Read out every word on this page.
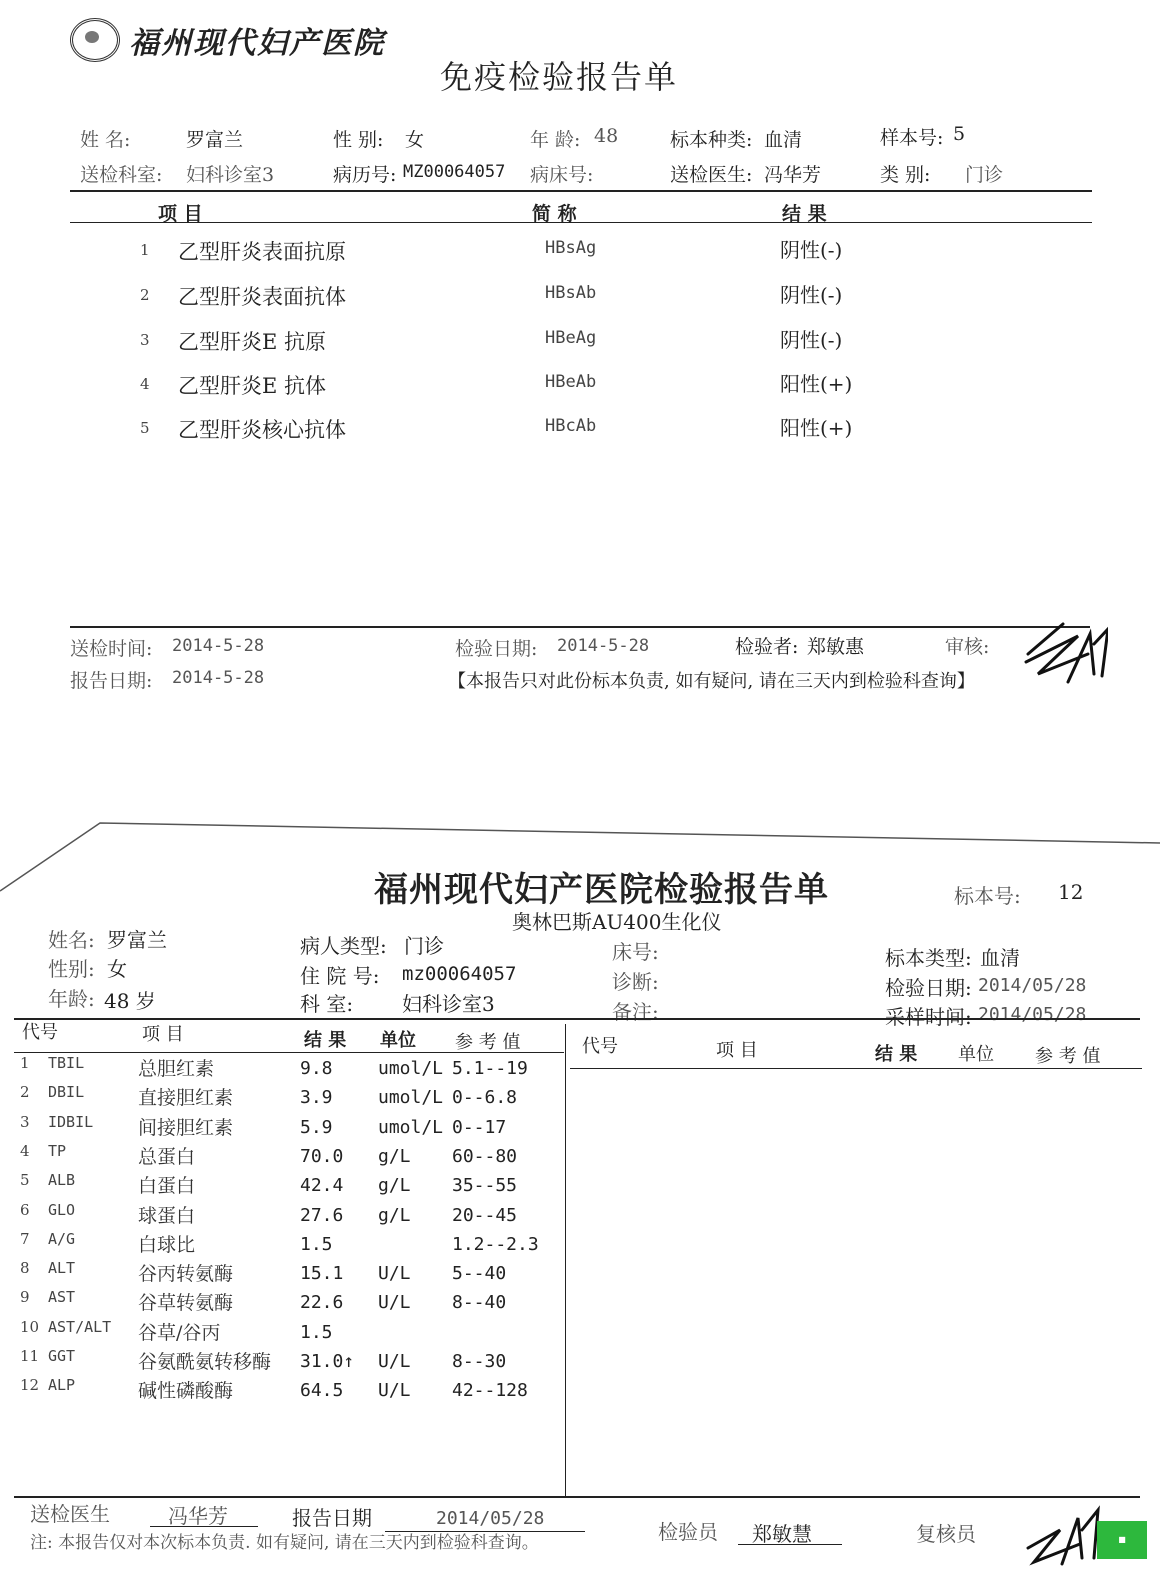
福州现代妇产医院
免疫检验报告单
姓 名:	罗富兰	性 别: 女	年 龄: 48	标本种类: 血清	样本号: 5
送检科室: 妇科诊室3	病历号: MZ00064057 病床号:	送检医生: 冯华芳	类 别: 门诊
项 目	简 称	结 果
1 乙型肝炎表面抗原	HBsAg	阴性(-)
2 乙型肝炎表面抗体	HBsAb	阴性(-)
3 乙型肝炎E 抗原	HBeAg	阴性(-)
4 乙型肝炎E 抗体	HBeAb	阳性(+)
5 乙型肝炎核心抗体	HBcAb	阳性(+)
送检时间: 2014-5-28	检验日期: 2014-5-28	检验者: 郑敏惠	审核:
报告日期: 2014-5-28	【本报告只对此份标本负责, 如有疑问, 请在三天内到检验科查询】
福州现代妇产医院检验报告单
奥林巴斯AU400生化仪
标本号: 12
姓名: 罗富兰
性别: 女
年龄: 48 岁
病人类型: 门诊
住 院 号: mz00064057
科 室: 妇科诊室3
床号:
诊断:
备注:
标本类型: 血清
检验日期: 2014/05/28
采样时间: 2014/05/28
代号	项 目	结 果 单位 参 考 值	代号	项 目	结 果 单位 参 考 值
1 TBIL	总胆红素	9.8	umol/L 5.1--19
2 DBIL	直接胆红素	3.9	umol/L 0--6.8
3 IDBIL 间接胆红素	5.9	umol/L 0--17
4 TP	总蛋白	70.0 g/L 60--80
5 ALB	白蛋白	42.4 g/L 35--55
6 GLO	球蛋白	27.6 g/L 20--45
7 A/G	白球比	1.5	1.2--2.3
8 ALT	谷丙转氨酶	15.1 U/L 5--40
9 AST	谷草转氨酶	22.6 U/L 8--40
10 AST/ALT 谷草/谷丙	1.5
11 GGT	谷氨酰氨转移酶 31.0↑ U/L 8--30
12 ALP	碱性磷酸酶	64.5 U/L 42--128
送检医生	冯华芳	报告日期	2014/05/28
检验员 郑敏慧	复核员
注: 本报告仅对本次标本负责. 如有疑问, 请在三天内到检验科查询。	■
